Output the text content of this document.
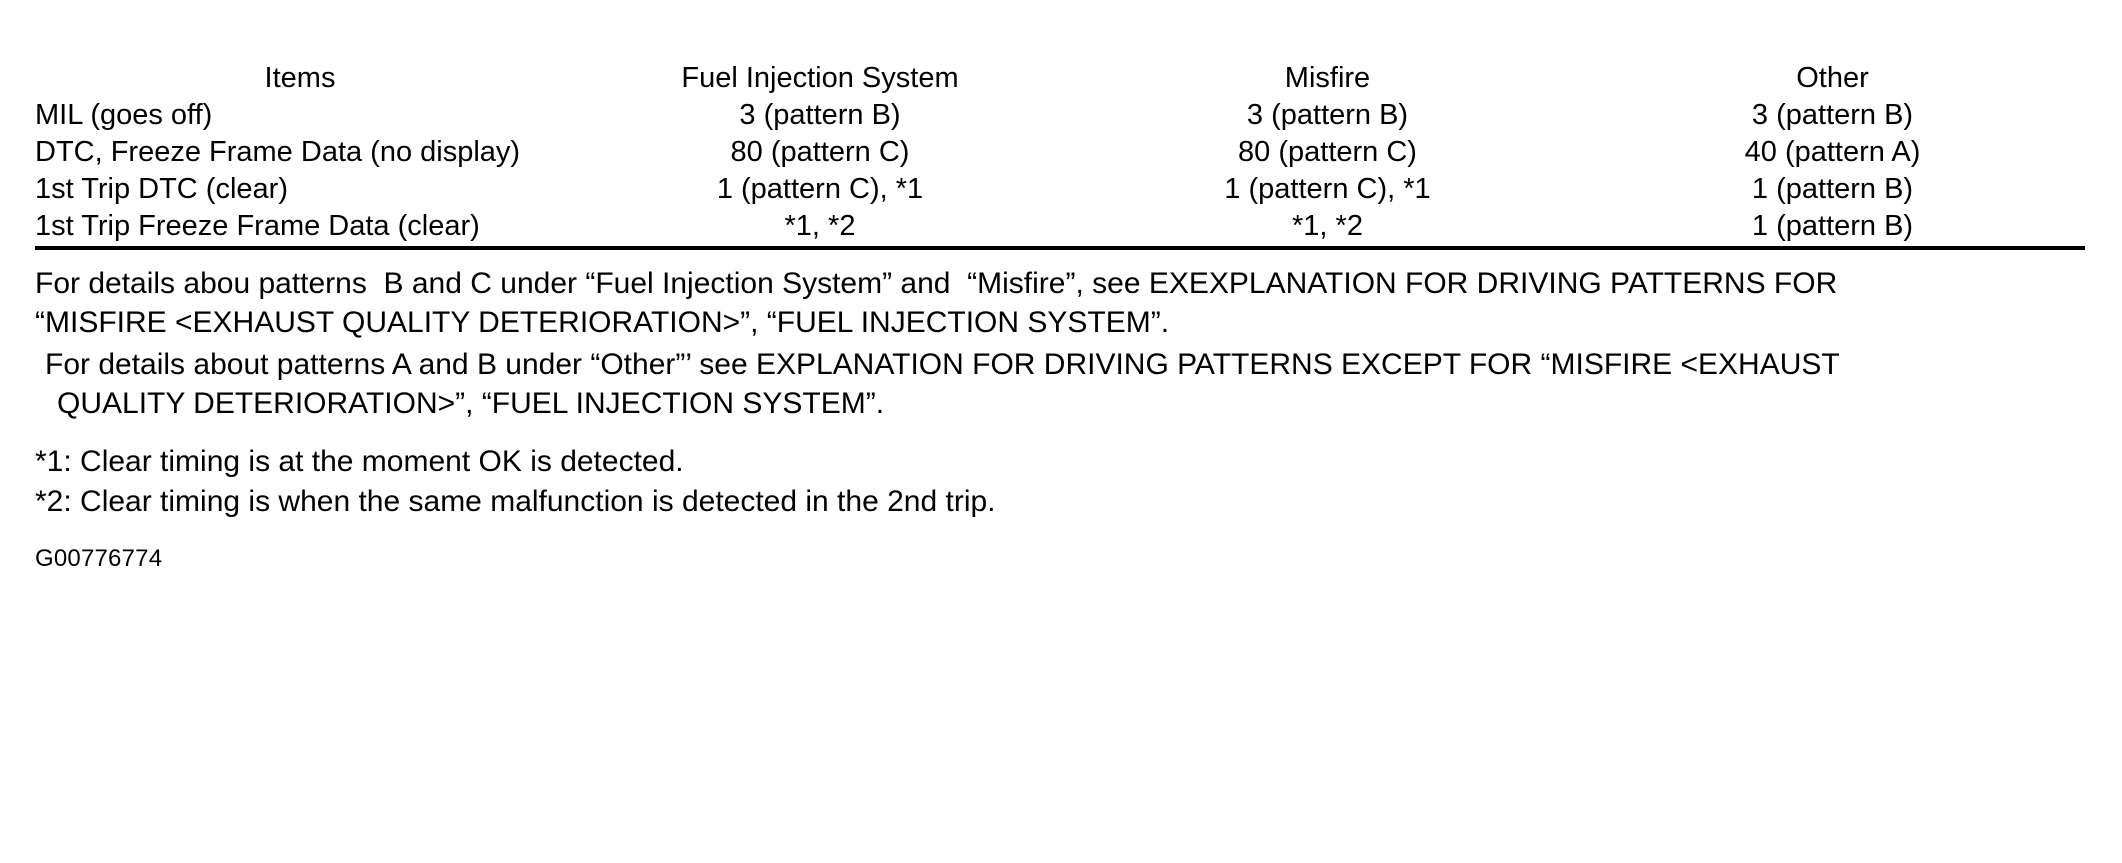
Items	Fuel Injection System	Misfire	Other
MIL (goes off)	3 (pattern B)	3 (pattern B)	3 (pattern B)
DTC, Freeze Frame Data (no display)	80 (pattern C)	80 (pattern C)	40 (pattern A)
1st Trip DTC (clear)	1 (pattern C), *1	1 (pattern C), *1	1 (pattern B)
1st Trip Freeze Frame Data (clear)	*1, *2	*1, *2	1 (pattern B)
For details abou patterns  B and C under “Fuel Injection System” and  “Misfire”, see EXEXPLANATION FOR DRIVING PATTERNS FOR
“MISFIRE <EXHAUST QUALITY DETERIORATION>”, “FUEL INJECTION SYSTEM”.
For details about patterns A and B under “Other”’ see EXPLANATION FOR DRIVING PATTERNS EXCEPT FOR “MISFIRE <EXHAUST
QUALITY DETERIORATION>”, “FUEL INJECTION SYSTEM”.
*1: Clear timing is at the moment OK is detected.
*2: Clear timing is when the same malfunction is detected in the 2nd trip.
G00776774
